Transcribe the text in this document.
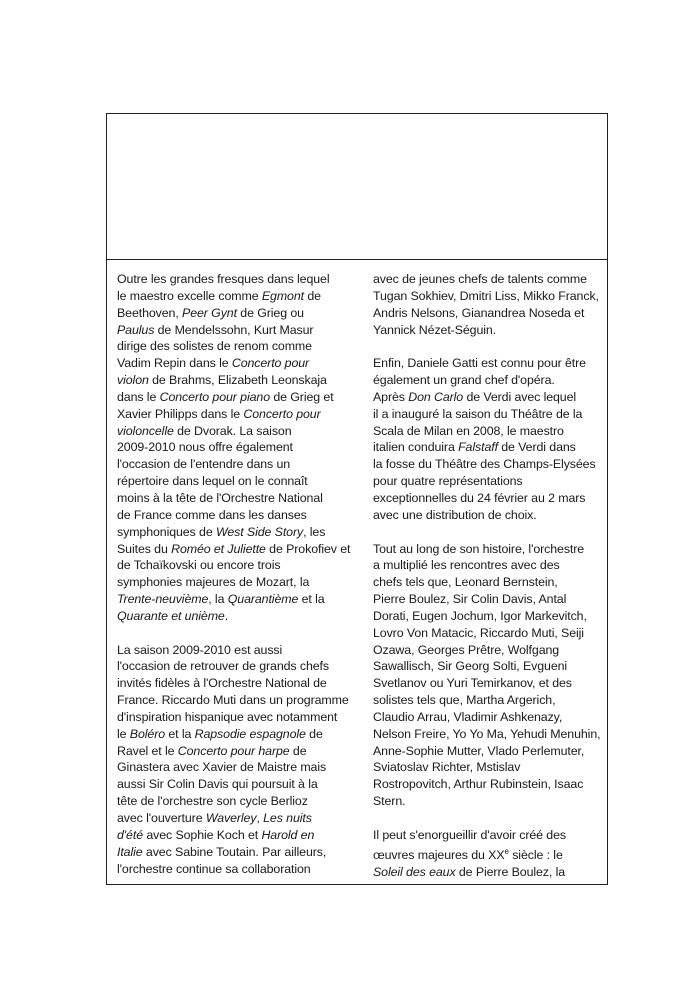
Outre les grandes fresques dans lequel
le maestro excelle comme Egmont de
Beethoven, Peer Gynt de Grieg ou
Paulus de Mendelssohn, Kurt Masur
dirige des solistes de renom comme
Vadim Repin dans le Concerto pour
violon de Brahms, Elizabeth Leonskaja
dans le Concerto pour piano de Grieg et
Xavier Philipps dans le Concerto pour
violoncelle de Dvorak. La saison
2009-2010 nous offre également
l'occasion de l'entendre dans un
répertoire dans lequel on le connaît
moins à la tête de l'Orchestre National
de France comme dans les danses
symphoniques de West Side Story, les
Suites du Roméo et Juliette de Prokofiev et
de Tchaïkovski ou encore trois
symphonies majeures de Mozart, la
Trente-neuvième, la Quarantième et la
Quarante et unième.

La saison 2009-2010 est aussi
l'occasion de retrouver de grands chefs
invités fidèles à l'Orchestre National de
France. Riccardo Muti dans un programme
d'inspiration hispanique avec notamment
le Boléro et la Rapsodie espagnole de
Ravel et le Concerto pour harpe de
Ginastera avec Xavier de Maistre mais
aussi Sir Colin Davis qui poursuit à la
tête de l'orchestre son cycle Berlioz
avec l'ouverture Waverley, Les nuits
d'été avec Sophie Koch et Harold en
Italie avec Sabine Toutain. Par ailleurs,
l'orchestre continue sa collaboration

avec de jeunes chefs de talents comme
Tugan Sokhiev, Dmitri Liss, Mikko Franck,
Andris Nelsons, Gianandrea Noseda et
Yannick Nézet-Séguin.

Enfin, Daniele Gatti est connu pour être
également un grand chef d'opéra.
Après Don Carlo de Verdi avec lequel
il a inauguré la saison du Théâtre de la
Scala de Milan en 2008, le maestro
italien conduira Falstaff de Verdi dans
la fosse du Théâtre des Champs-Elysées
pour quatre représentations
exceptionnelles du 24 février au 2 mars
avec une distribution de choix.

Tout au long de son histoire, l'orchestre
a multiplié les rencontres avec des
chefs tels que, Leonard Bernstein,
Pierre Boulez, Sir Colin Davis, Antal
Dorati, Eugen Jochum, Igor Markevitch,
Lovro Von Matacic, Riccardo Muti, Seiji
Ozawa, Georges Prêtre, Wolfgang
Sawallisch, Sir Georg Solti, Evgueni
Svetlanov ou Yuri Temirkanov, et des
solistes tels que, Martha Argerich,
Claudio Arrau, Vladimir Ashkenazy,
Nelson Freire, Yo Yo Ma, Yehudi Menuhin,
Anne-Sophie Mutter, Vlado Perlemuter,
Sviatoslav Richter, Mstislav
Rostropovitch, Arthur Rubinstein, Isaac
Stern.

Il peut s'enorgueillir d'avoir créé des
œuvres majeures du XXe siècle : le
Soleil des eaux de Pierre Boulez, la
